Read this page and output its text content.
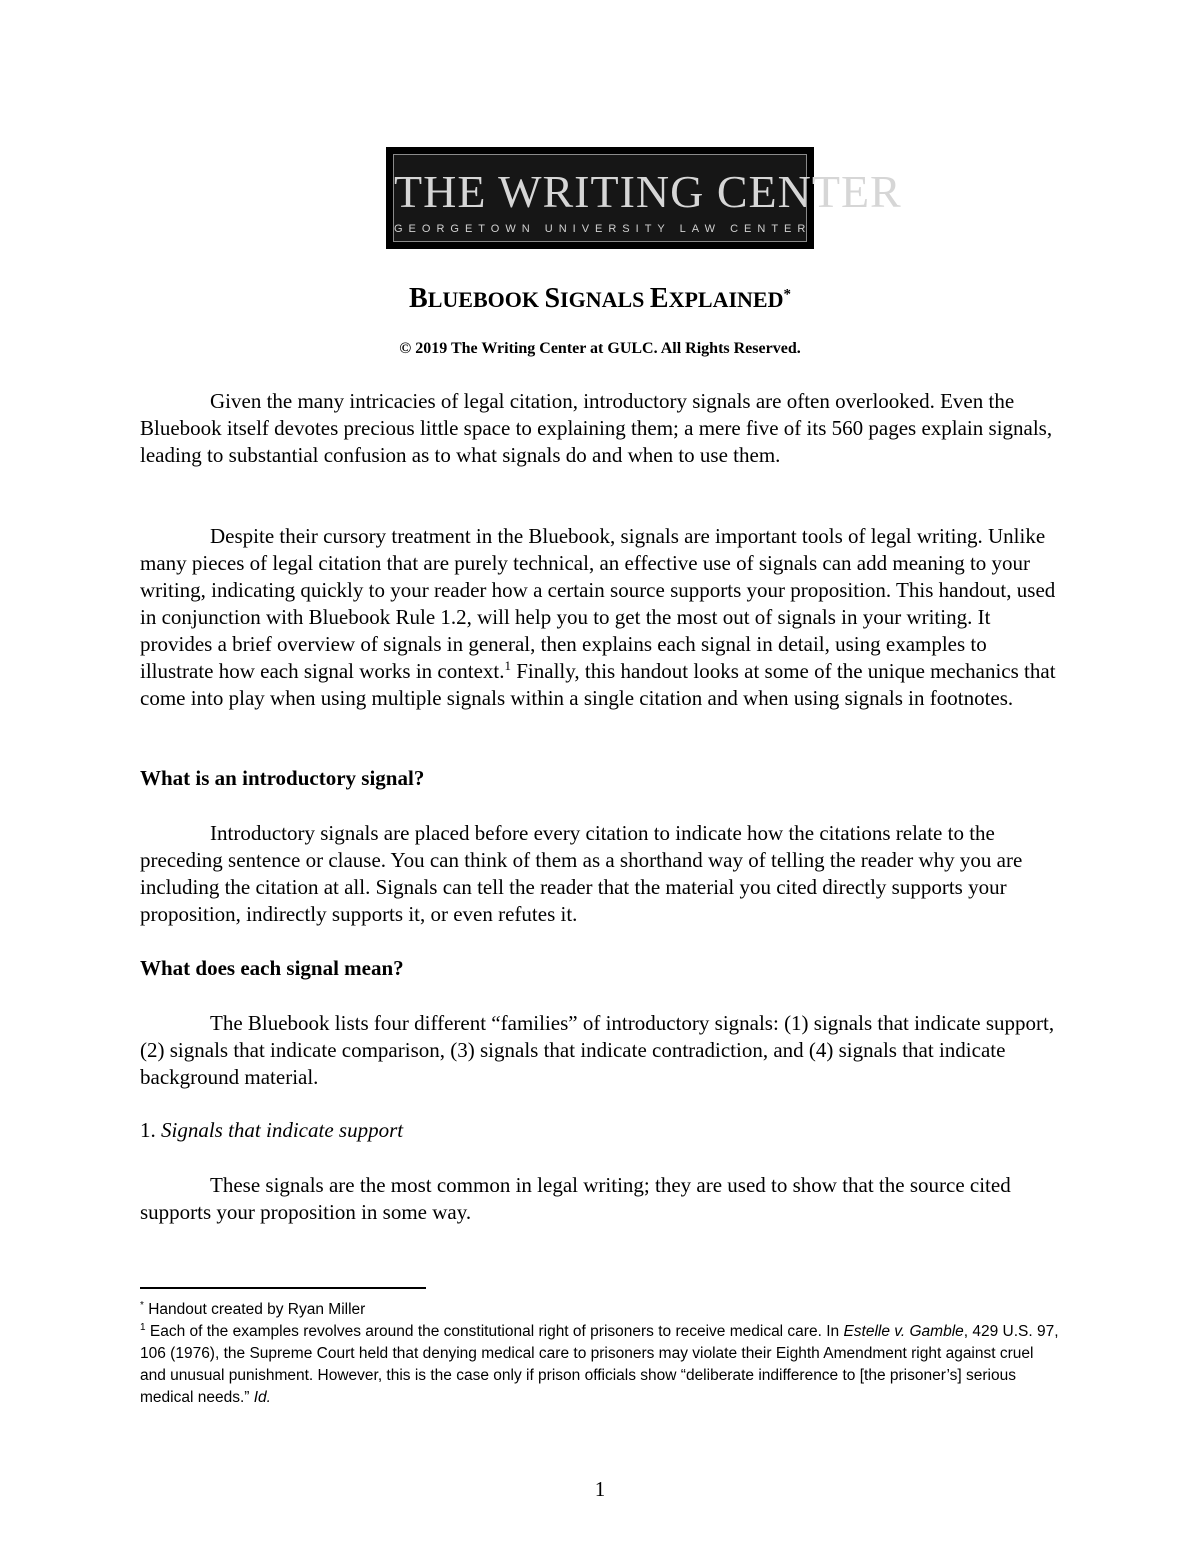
THE WRITING CENTER
GEORGETOWN UNIVERSITY LAW CENTER
BLUEBOOK SIGNALS EXPLAINED*
© 2019 The Writing Center at GULC. All Rights Reserved.

Given the many intricacies of legal citation, introductory signals are often overlooked. Even the Bluebook itself devotes precious little space to explaining them; a mere five of its 560 pages explain signals, leading to substantial confusion as to what signals do and when to use them.

Despite their cursory treatment in the Bluebook, signals are important tools of legal writing. Unlike many pieces of legal citation that are purely technical, an effective use of signals can add meaning to your writing, indicating quickly to your reader how a certain source supports your proposition. This handout, used in conjunction with Bluebook Rule 1.2, will help you to get the most out of signals in your writing. It provides a brief overview of signals in general, then explains each signal in detail, using examples to illustrate how each signal works in context.$^1$ Finally, this handout looks at some of the unique mechanics that come into play when using multiple signals within a single citation and when using signals in footnotes.

What is an introductory signal?

Introductory signals are placed before every citation to indicate how the citations relate to the preceding sentence or clause. You can think of them as a shorthand way of telling the reader why you are including the citation at all. Signals can tell the reader that the material you cited directly supports your proposition, indirectly supports it, or even refutes it.

What does each signal mean?

The Bluebook lists four different “families” of introductory signals: (1) signals that indicate support, (2) signals that indicate comparison, (3) signals that indicate contradiction, and (4) signals that indicate background material.

1. Signals that indicate support

These signals are the most common in legal writing; they are used to show that the source cited supports your proposition in some way.

* Handout created by Ryan Miller

$^1$ Each of the examples revolves around the constitutional right of prisoners to receive medical care. In Estelle v. Gamble, 429 U.S. 97, 106 (1976), the Supreme Court held that denying medical care to prisoners may violate their Eighth Amendment right against cruel and unusual punishment. However, this is the case only if prison officials show “deliberate indifference to [the prisoner’s] serious medical needs.” Id.

1
